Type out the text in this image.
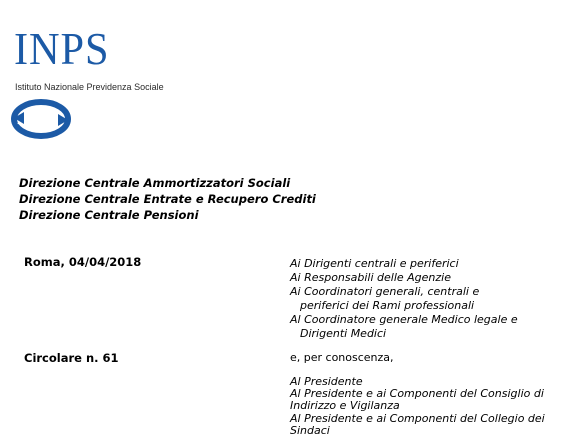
INPS
Istituto Nazionale Previdenza Sociale
Direzione Centrale Ammortizzatori Sociali
Direzione Centrale Entrate e Recupero Crediti
Direzione Centrale Pensioni
Roma, 04/04/2018
Circolare n. 61
Ai Dirigenti centrali e periferici
Ai Responsabili delle Agenzie
Ai Coordinatori generali, centrali e
periferici dei Rami professionali
Al Coordinatore generale Medico legale e
Dirigenti Medici
e, per conoscenza,
Al Presidente
Al Presidente e ai Componenti del Consiglio di
Indirizzo e Vigilanza
Al Presidente e ai Componenti del Collegio dei
Sindaci
